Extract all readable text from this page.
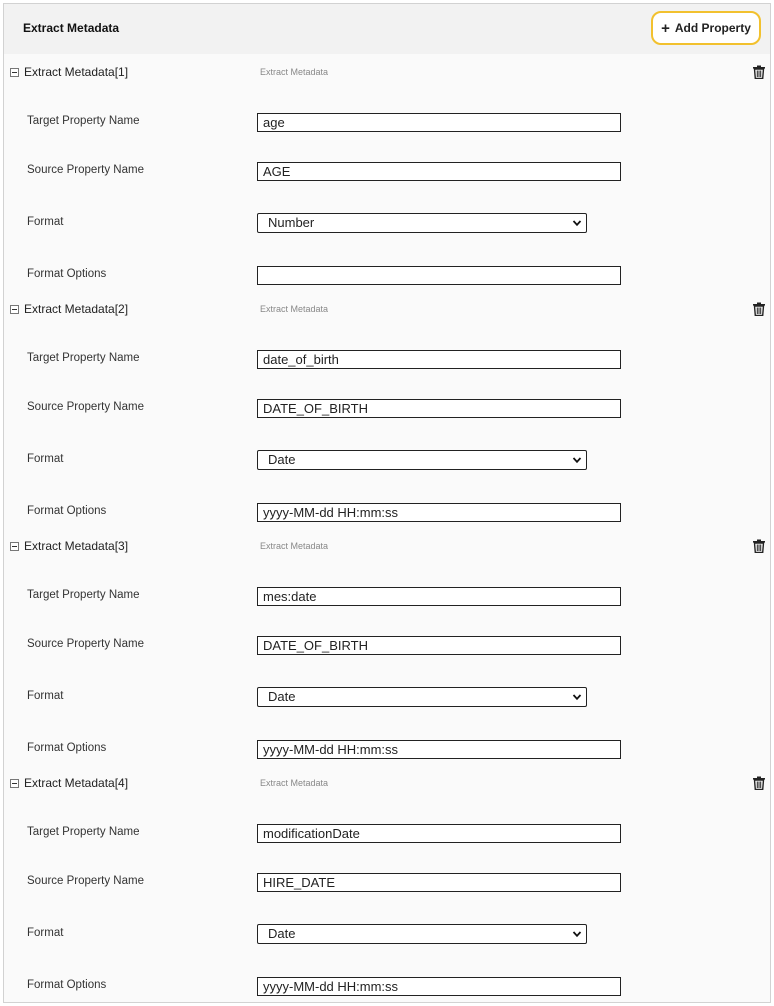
Extract Metadata	+ Add Property
Extract Metadata[1]	Extract Metadata
Target Property Name	age
Source Property Name	AGE
Format	Number
Format Options
Extract Metadata[2]	Extract Metadata
Target Property Name	date_of_birth
Source Property Name	DATE_OF_BIRTH
Format	Date
Format Options	yyyy-MM-dd HH:mm:ss
Extract Metadata[3]	Extract Metadata
Target Property Name	mes:date
Source Property Name	DATE_OF_BIRTH
Format	Date
Format Options	yyyy-MM-dd HH:mm:ss
Extract Metadata[4]	Extract Metadata
Target Property Name	modificationDate
Source Property Name	HIRE_DATE
Format	Date
Format Options	yyyy-MM-dd HH:mm:ss
